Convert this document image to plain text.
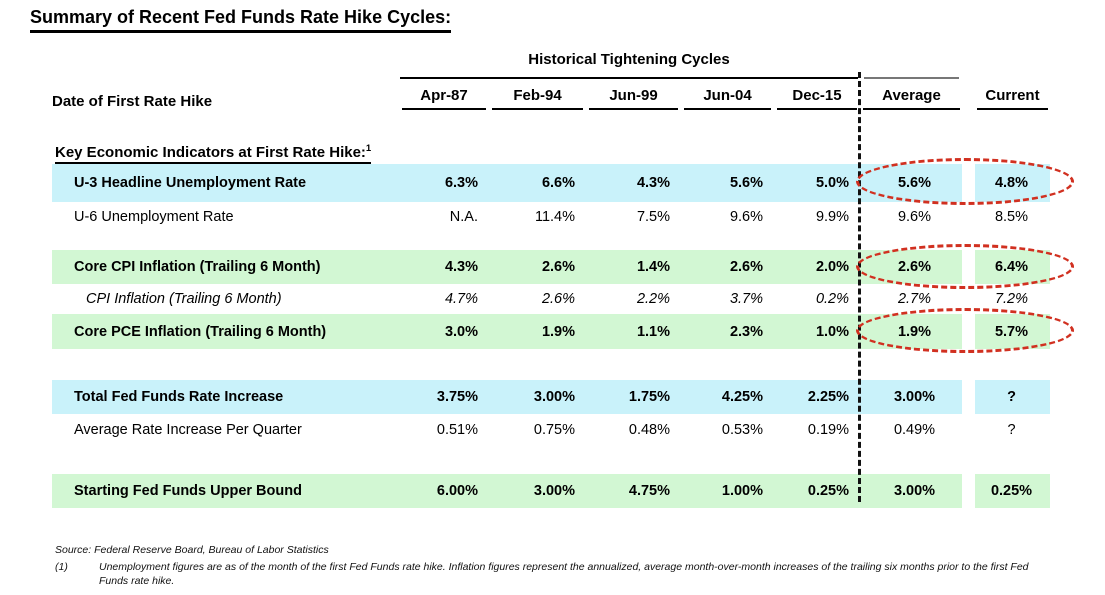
Summary of Recent Fed Funds Rate Hike Cycles:
Historical Tightening Cycles
Date of First Rate Hike	Apr-87	Feb-94	Jun-99	Jun-04	Dec-15	Average		Current

Key Economic Indicators at First Rate Hike:$^1$
U-3 Headline Unemployment Rate	6.3%	6.6%	4.3%	5.6%	5.0%	5.6%		4.8%
U-6 Unemployment Rate	N.A.	11.4%	7.5%	9.6%	9.9%	9.6%		8.5%

Core CPI Inflation (Trailing 6 Month)	4.3%	2.6%	1.4%	2.6%	2.0%	2.6%		6.4%
CPI Inflation (Trailing 6 Month)	4.7%	2.6%	2.2%	3.7%	0.2%	2.7%		7.2%
Core PCE Inflation (Trailing 6 Month)	3.0%	1.9%	1.1%	2.3%	1.0%	1.9%		5.7%

Total Fed Funds Rate Increase	3.75%	3.00%	1.75%	4.25%	2.25%	3.00%		?
Average Rate Increase Per Quarter	0.51%	0.75%	0.48%	0.53%	0.19%	0.49%		?

Starting Fed Funds Upper Bound	6.00%	3.00%	4.75%	1.00%	0.25%	3.00%		0.25%
Source: Federal Reserve Board, Bureau of Labor Statistics
(1)	Unemployment figures are as of the month of the first Fed Funds rate hike. Inflation figures represent the annualized, average month-over-month increases of the trailing six months prior to the first Fed Funds rate hike.
